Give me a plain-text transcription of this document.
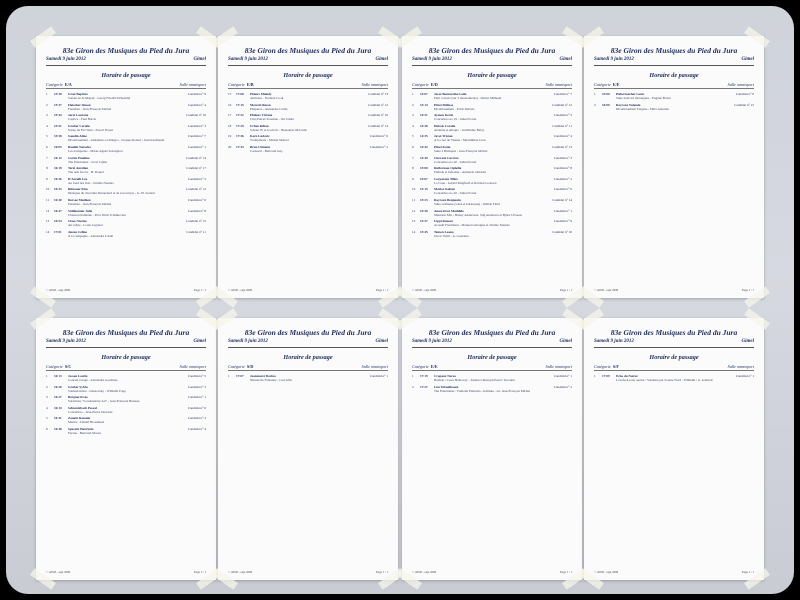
83e Giron des Musiques du Pied du Jura
Samedi 9 juin 2012	Gimel
Horaire de passage
Catégorie E/A	Salle omnisport
1	15:30	Grau Baptiste
Sonate en fa Majeur - Georg Friedrich Haendel
Candidat n° 9
2	15:37	Fleischer Simon
Fantaisie - Jean-François Michel
Candidat n° 4
3	15:44	Jaret Laurane
Caprice - Paul Harris
Candidat n° 10
4	15:51	Gruber Coralie
Scène du Far-West - Pascal Proust
Candidat n° 3
5	15:58	Gandin Aline
Divertissement - Andantino et Allegro - Jacques Robert / Jean Kaufmann
Candidat n° 7
6	16:05	Baudin Natacha
Les trompettes - Marie-Agnès Sauvignon
Candidat n° 1
7	16:12	Cornu Emeline
The Entertainer - Scott Joplin
Candidat n° 14
8	16:19	Terzi Aurelien
The Ash Grove - H. Round
Candidat n° 17
9	16:26	D'Aurelli Lea
Au fond des bois - Jérôme Naulais
Candidat n° 5
10	16:33	Rüttener Kim
Dialogue du chevalier Durandard et de son écuyer - G.-H. Joubert
Candidat n° 12
11	16:40	Dorsaz Mathieu
Fantaisie - Jean-François Michel
Candidat n° 6
12	16:47	Vuilleumier Julie
Chanson Italienne - Piotr Ilitch Tchaïkovski
Candidat n° 8
13	16:54	Claes Nicolas
Air noble - Louis Legrand
Candidat n° 15
14	17:01	Anzon Céline
À la campagne - Alexandre Carlin
Candidat n° 11
© AJMJ - sept 2009	Page 1 / 1
83e Giron des Musiques du Pied du Jura
Samedi 9 juin 2012	Gimel
Horaire de passage
Catégorie E/B	Salle omnisport
15	17:08	Pidoux Maludy
Amboise - Norman Cook
Candidat n° 13
16	17:15	Moretti Simon
Elégance - Alexandre Carlin
Candidat n° 12
17	17:22	Philoux Viviane
Cinq Pièces Sonatine - Jist Jaillet
Candidat n° 16
18	17:29	Urben Kilian
Sonate IV et le rêvoir - Benedetto Marcello
Candidat n° 14
19	17:36	Kern Ludovic
Trompinette - Michel Maurer
Candidat n° 6
20	17:43	Brun Clément
Carnaval - Bertrand Guy
Candidat n° 2
© AJMJ - sept 2009	Page 1 / 1
83e Giron des Musiques du Pied du Jura
Samedi 9 juin 2012	Gimel
Horaire de passage
Catégorie E/D	Salle omnisport
1	14:07	Jacot Bonnardise Leila
Petit concert (sur 3 mouvements) - Darius Milhaud
Candidat n° 7
2	14:14	Pittet Mélissa
Divertissement - Erich Debuss
Candidat n° 12
3	14:21	Aymon Kevin
Concertino no 19 - Julien Porret
Candidat n° 5
4	14:28	Dubois Coralie
Andante et Allegro - Guillaume Balay
Candidat n° 11
5	14:35	Javet Tristan
A la cour de Vienne - Maximilian Jaros
Candidat n° 4
6	14:42	Pittet Katia
Suite à Budapest - Jean-François Michel
Candidat n° 13
7	14:49	Chevaux Lucrèce
Concertino no 20 - Julien Porret
Candidat n° 3
8	15:00	Rufferteau Ophélie
Prélude et fantaisie - Armando Ghidoni
Candidat n° 8
9	15:07	Corpataux Tilfet
La Cane - Gérald Kingfield et Robben Leonard
Candidat n° 2
10	15:15	Mariot Gaëtan
Concertino no 20 - Julien Porret
Candidat n° 6
11	15:23	Rayroux Benjamin
Suite ordinaire (valse et burlesque) - Ibidish Field
Candidat n° 14
12	15:30	Amez-Droz Mathilde
Mannion Mio - Benny Andersson, Stig Anderson et Björn Ulvaeus
Candidat n° 1
13	15:37	Lippi Roman
Accueil Fruchtieur - Manuel Gaboigne et Jérôme Naulais
Candidat n° 9
14	15:45	Teuton Loana
Oscar Vasili - A. Gonzales
Candidat n° 10
© AJMJ - sept 2009	Page 1 / 1
83e Giron des Musiques du Pied du Jura
Samedi 9 juin 2012	Gimel
Horaire de passage
Catégorie E/E	Salle omnisport
1	15:00	Habermacher Louis
Suite dans les montagnes - Eugène Bozza
Candidat n° 6
2	16:00	Rayroux Yolanda
Divertissement Tzigane - Félix Amonier
Candidat n° 15
© AJMJ - sept 2009	Page 1 / 1
83e Giron des Musiques du Pied du Jura
Samedi 9 juin 2012	Gimel
Horaire de passage
Catégorie S/C	Salle omnisport
1	16:13	Jossen Laurie
Concert rosage - Alexandre Goedicke
Candidat n° 5
2	16:20	Gruber Sylvie
Souleidoscher - Ouasovsky - Wilhelm Popp
Candidat n° 3
3	16:27	Bergnard Léo
Variations "Londonderry Air" - Jean-François Basteau
Candidat n° 1
4	16:34	Schmutzbach Pascal
Concertino - Jean-Pierre Glissade
Candidat n° 6
5	16:41	Zanetti Romain
Marine - Daniel Broadhead
Candidat n° 2
6	16:48	Sparetti Henriette
Farana - Bertrand Moren
Candidat n° 4
© AJMJ - sept 2009	Page 1 / 1
83e Giron des Musiques du Pied du Jura
Samedi 9 juin 2012	Gimel
Horaire de passage
Catégorie S/D	Salle omnisport
1	17:07	Jeanmaret Dorina
Nürnaiche Fantaisie - Carl Alba
Candidat n° 1
© AJMJ - sept 2009	Page 1 / 1
83e Giron des Musiques du Pied du Jura
Samedi 9 juin 2012	Gimel
Horaire de passage
Catégorie E/E	Salle omnisport
1	17:19	Crapaux Norea
Ballade / Cassi Holloway - Johann Christoph Pezel / Inconnu
Candidat n° 1
2	17:27	Luu Teboulhasen
The Entertainer / Funiculi Funicula - Kalinka - arr. Jean-François Michel
Candidat n° 2
© AJMJ - sept 2009	Page 1 / 1
83e Giron des Musiques du Pied du Jura
Samedi 9 juin 2012	Gimel
Horaire de passage
Catégorie S/F	Salle omnisport
1	17:09	Echo du Noirat
Loveboat pour quatre / Sonatina per Sonare Nord - Wilhelm / G. Gabrieli
Candidat n° 1
© AJMJ - sept 2009	Page 1 / 1
